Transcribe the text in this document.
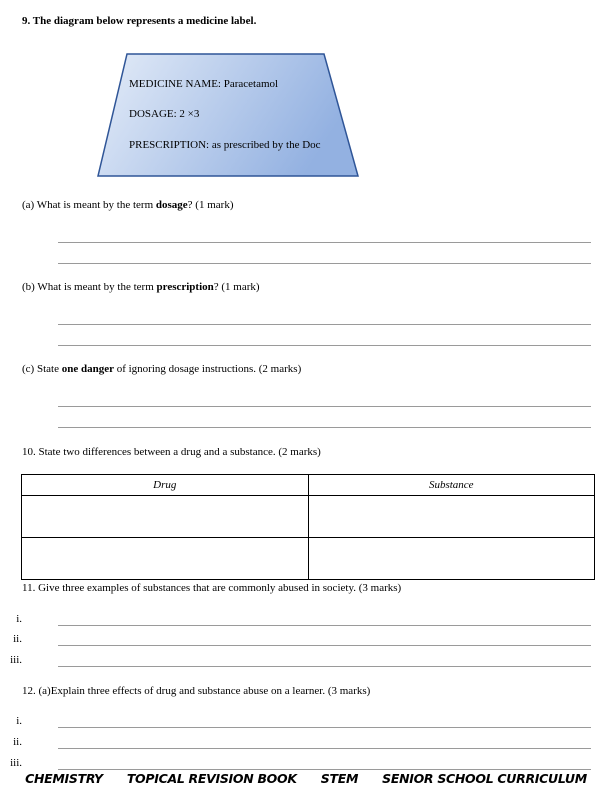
9. The diagram below represents a medicine label.
MEDICINE NAME: Paracetamol
DOSAGE: 2 ×3
PRESCRIPTION: as prescribed by the Doc
(a) What is meant by the term dosage? (1 mark)
(b) What is meant by the term prescription? (1 mark)
(c) State one danger of ignoring dosage instructions. (2 marks)
10. State two differences between a drug and a substance. (2 marks)
Drug	Substance

11. Give three examples of substances that are commonly abused in society. (3 marks)
i.
ii.
iii.
12. (a)Explain three effects of drug and substance abuse on a learner. (3 marks)
i.
ii.
iii.
CHEMISTRY TOPICAL REVISION BOOK STEM SENIOR SCHOOL CURRICULUM
